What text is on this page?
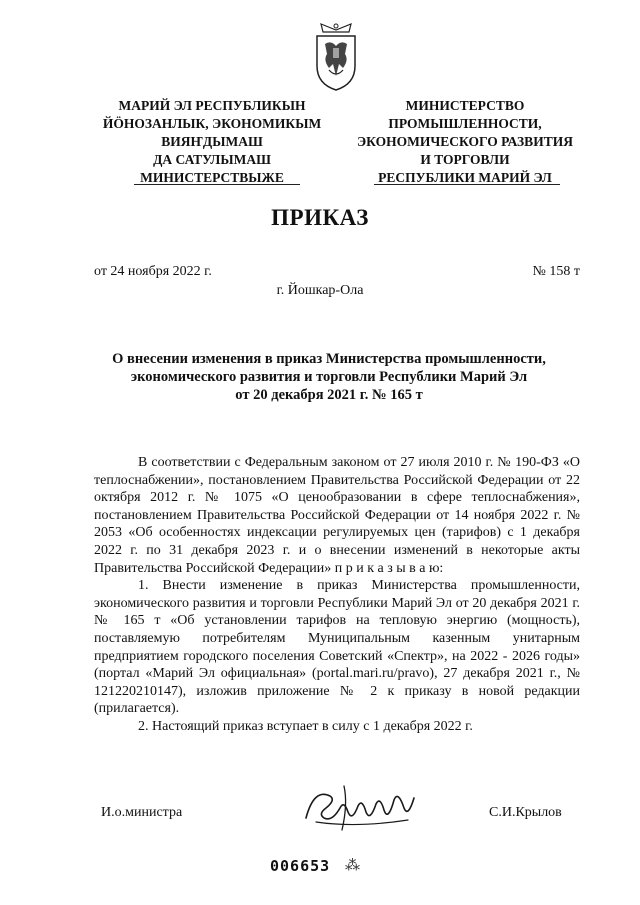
МАРИЙ ЭЛ РЕСПУБЛИКЫН
ЙӦНОЗАНЛЫК, ЭКОНОМИКЫМ
ВИЯҤДЫМАШ
ДА САТУЛЫМАШ
МИНИСТЕРСТВЫЖЕ
МИНИСТЕРСТВО
ПРОМЫШЛЕННОСТИ,
ЭКОНОМИЧЕСКОГО РАЗВИТИЯ
И ТОРГОВЛИ
РЕСПУБЛИКИ МАРИЙ ЭЛ
ПРИКАЗ
от 24 ноября 2022 г.	№ 158 т
г. Йошкар-Ола
О внесении изменения в приказ Министерства промышленности,
экономического развития и торговли Республики Марий Эл
от 20 декабря 2021 г. № 165 т

В соответствии с Федеральным законом от 27 июля 2010 г. № 190-ФЗ «О теплоснабжении», постановлением Правительства Российской Федерации от 22 октября 2012 г. № 1075 «О ценообразовании в сфере теплоснабжения», постановлением Правительства Российской Федерации от 14 ноября 2022 г. № 2053 «Об особенностях индексации регулируемых цен (тарифов) с 1 декабря 2022 г. по 31 декабря 2023 г. и о внесении изменений в некоторые акты Правительства Российской Федерации» п р и к а з ы в а ю:

1. Внести изменение в приказ Министерства промышленности, экономического развития и торговли Республики Марий Эл от 20 декабря 2021 г. № 165 т «Об установлении тарифов на тепловую энергию (мощность), поставляемую потребителям Муниципальным казенным унитарным предприятием городского поселения Советский «Спектр», на 2022 - 2026 годы» (портал «Марий Эл официальная» (portal.mari.ru/pravo), 27 декабря 2021 г., № 121220210147), изложив приложение № 2 к приказу в новой редакции (прилагается).

2. Настоящий приказ вступает в силу с 1 декабря 2022 г.

И.о.министра	С.И.Крылов
006653 ⁂
